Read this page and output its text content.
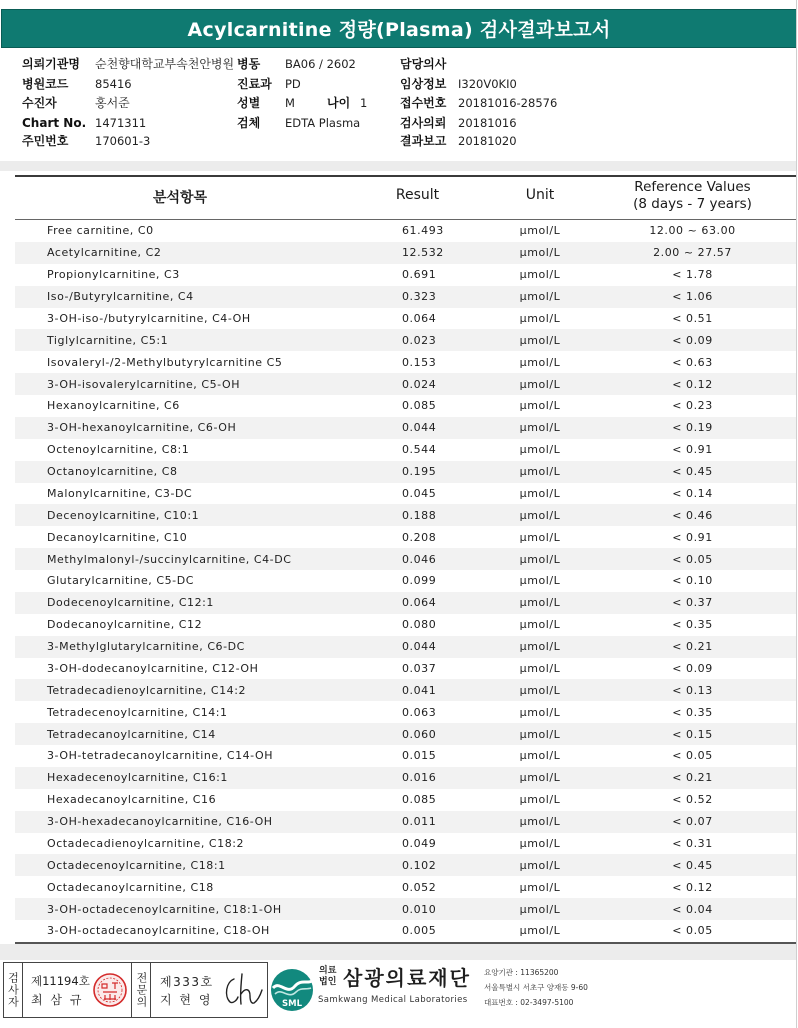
Acylcarnitine 정량(Plasma) 검사결과보고서
의뢰기관명 순천향대학교부속천안병원 병동 BA06 / 2602	담당의사
병원코드 85416	진료과 PD	임상정보 I320V0KI0
수진자	홍서준	성별 M	나이 1	접수번호 20181016-28576
Chart No. 1471311	검체 EDTA Plasma	검사의뢰 20181016
주민번호 170601-3	결과보고 20181020
분석항목	Result	Unit	Reference Values
(8 days - 7 years)
Free carnitine, C0	61.493	μmol/L	12.00 ~ 63.00
Acetylcarnitine, C2	12.532	μmol/L	2.00 ~ 27.57
Propionylcarnitine, C3	0.691	μmol/L	< 1.78
Iso-/Butyrylcarnitine, C4	0.323	μmol/L	< 1.06
3-OH-iso-/butyrylcarnitine, C4-OH	0.064	μmol/L	< 0.51
Tiglylcarnitine, C5:1	0.023	μmol/L	< 0.09
Isovaleryl-/2-Methylbutyrylcarnitine C5	0.153	μmol/L	< 0.63
3-OH-isovalerylcarnitine, C5-OH	0.024	μmol/L	< 0.12
Hexanoylcarnitine, C6	0.085	μmol/L	< 0.23
3-OH-hexanoylcarnitine, C6-OH	0.044	μmol/L	< 0.19
Octenoylcarnitine, C8:1	0.544	μmol/L	< 0.91
Octanoylcarnitine, C8	0.195	μmol/L	< 0.45
Malonylcarnitine, C3-DC	0.045	μmol/L	< 0.14
Decenoylcarnitine, C10:1	0.188	μmol/L	< 0.46
Decanoylcarnitine, C10	0.208	μmol/L	< 0.91
Methylmalonyl-/succinylcarnitine, C4-DC	0.046	μmol/L	< 0.05
Glutarylcarnitine, C5-DC	0.099	μmol/L	< 0.10
Dodecenoylcarnitine, C12:1	0.064	μmol/L	< 0.37
Dodecanoylcarnitine, C12	0.080	μmol/L	< 0.35
3-Methylglutarylcarnitine, C6-DC	0.044	μmol/L	< 0.21
3-OH-dodecanoylcarnitine, C12-OH	0.037	μmol/L	< 0.09
Tetradecadienoylcarnitine, C14:2	0.041	μmol/L	< 0.13
Tetradecenoylcarnitine, C14:1	0.063	μmol/L	< 0.35
Tetradecanoylcarnitine, C14	0.060	μmol/L	< 0.15
3-OH-tetradecanoylcarnitine, C14-OH	0.015	μmol/L	< 0.05
Hexadecenoylcarnitine, C16:1	0.016	μmol/L	< 0.21
Hexadecanoylcarnitine, C16	0.085	μmol/L	< 0.52
3-OH-hexadecanoylcarnitine, C16-OH	0.011	μmol/L	< 0.07
Octadecadienoylcarnitine, C18:2	0.049	μmol/L	< 0.31
Octadecenoylcarnitine, C18:1	0.102	μmol/L	< 0.45
Octadecanoylcarnitine, C18	0.052	μmol/L	< 0.12
3-OH-octadecenoylcarnitine, C18:1-OH	0.010	μmol/L	< 0.04
3-OH-octadecanoylcarnitine, C18-OH	0.005	μmol/L	< 0.05
검사자 제11194호
최 삼 규	전문의 제333호
지 현 영	SML
의료
법인 삼광의료재단
Samkwang Medical Laboratories
요양기관 : 11365200
서울특별시 서초구 양재동 9-60
대표번호 : 02-3497-5100
